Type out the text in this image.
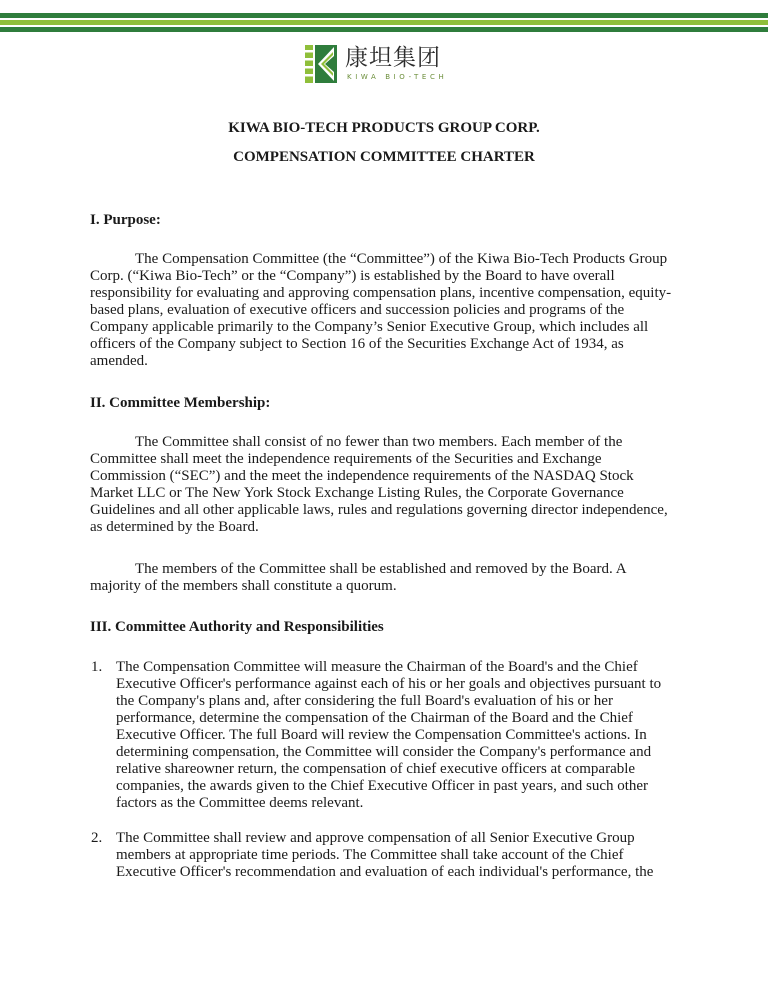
康坦集团
KIWA BIO-TECH
KIWA BIO-TECH PRODUCTS GROUP CORP.
COMPENSATION COMMITTEE CHARTER
I. Purpose:
The Compensation Committee (the “Committee”) of the Kiwa Bio-Tech Products Group
Corp. (“Kiwa Bio-Tech” or the “Company”) is established by the Board to have overall
responsibility for evaluating and approving compensation plans, incentive compensation, equity-
based plans, evaluation of executive officers and succession policies and programs of the
Company applicable primarily to the Company’s Senior Executive Group, which includes all
officers of the Company subject to Section 16 of the Securities Exchange Act of 1934, as
amended.
II. Committee Membership:
The Committee shall consist of no fewer than two members. Each member of the
Committee shall meet the independence requirements of the Securities and Exchange
Commission (“SEC”) and the meet the independence requirements of the NASDAQ Stock
Market LLC or The New York Stock Exchange Listing Rules, the Corporate Governance
Guidelines and all other applicable laws, rules and regulations governing director independence,
as determined by the Board.
The members of the Committee shall be established and removed by the Board. A
majority of the members shall constitute a quorum.
III. Committee Authority and Responsibilities
1. The Compensation Committee will measure the Chairman of the Board's and the Chief
Executive Officer's performance against each of his or her goals and objectives pursuant to
the Company's plans and, after considering the full Board's evaluation of his or her
performance, determine the compensation of the Chairman of the Board and the Chief
Executive Officer. The full Board will review the Compensation Committee's actions. In
determining compensation, the Committee will consider the Company's performance and
relative shareowner return, the compensation of chief executive officers at comparable
companies, the awards given to the Chief Executive Officer in past years, and such other
factors as the Committee deems relevant.
2. The Committee shall review and approve compensation of all Senior Executive Group
members at appropriate time periods. The Committee shall take account of the Chief
Executive Officer's recommendation and evaluation of each individual's performance, the
